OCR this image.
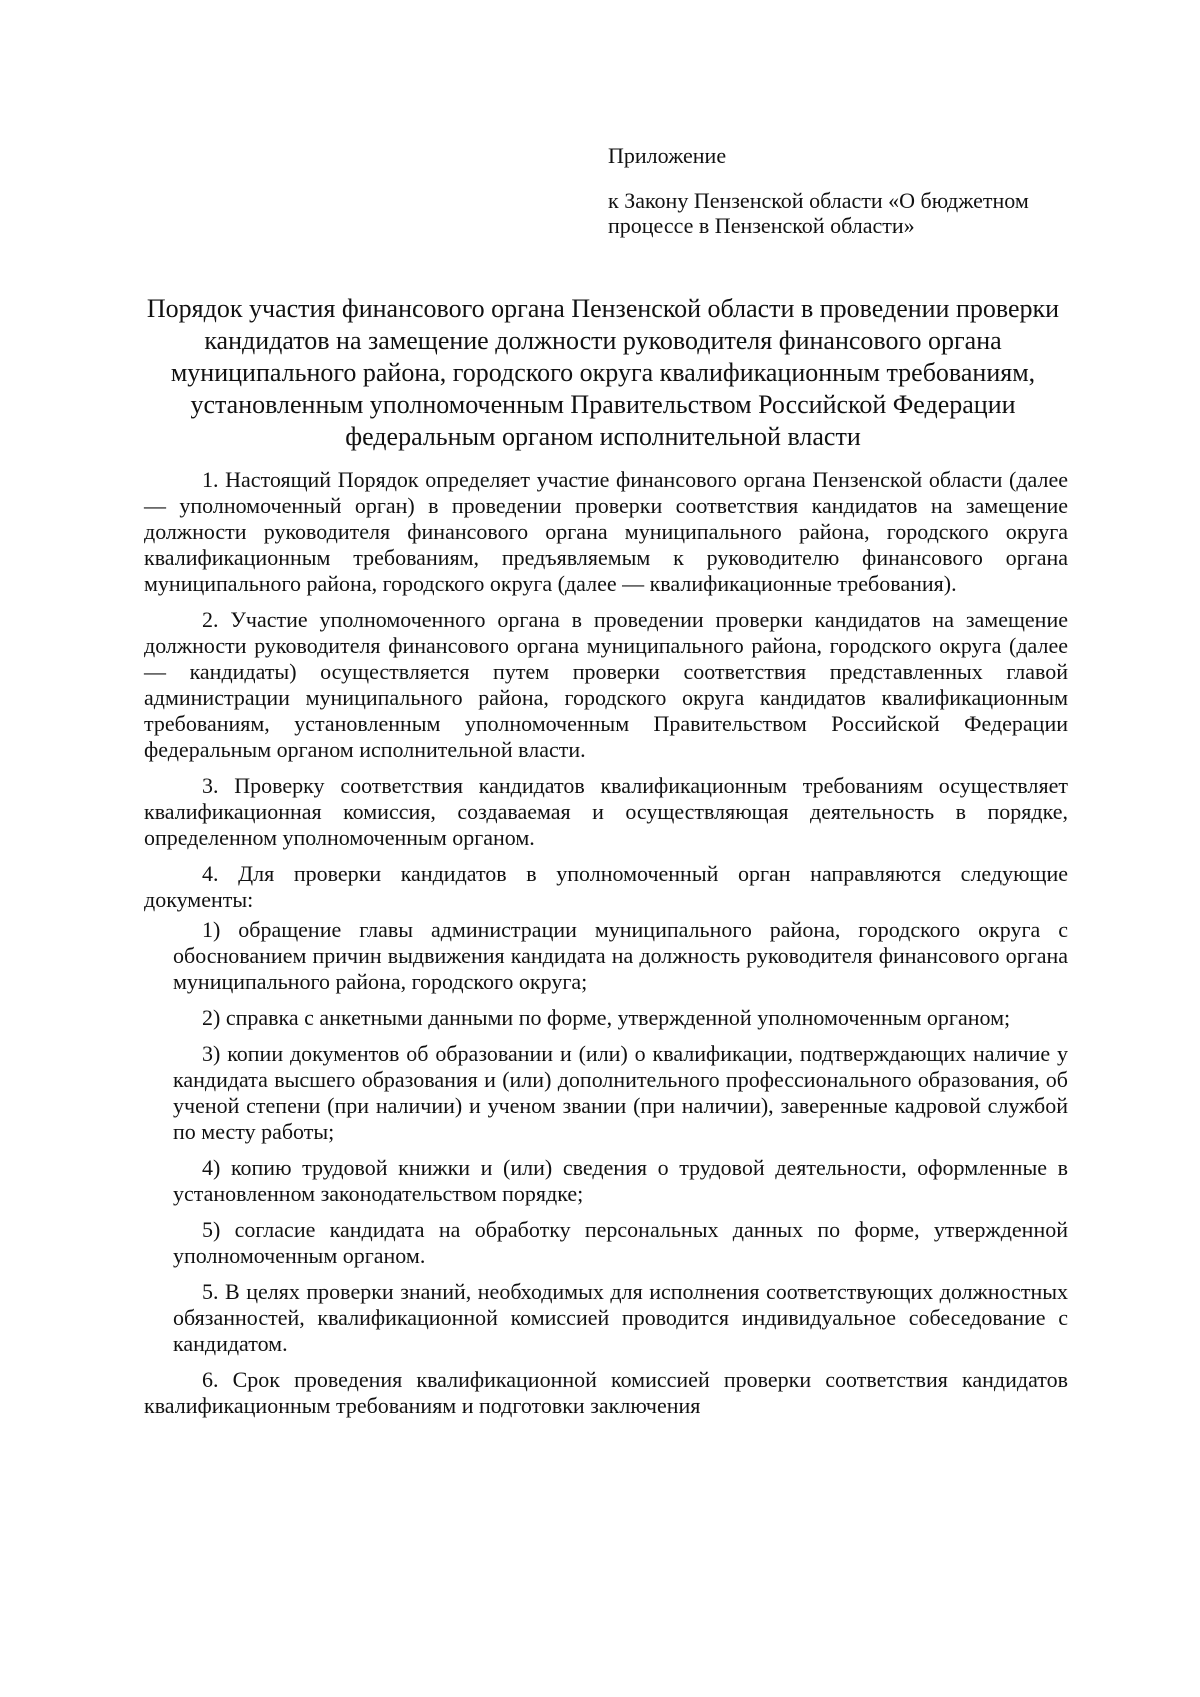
Приложение
к Закону Пензенской области «О бюджетном процессе в Пензенской области»
Порядок участия финансового органа Пензенской области в проведении проверки кандидатов на замещение должности руководителя финансового органа муниципального района, городского округа квалификационным требованиям, установленным уполномоченным Правительством Российской Федерации федеральным органом исполнительной власти

1. Настоящий Порядок определяет участие финансового органа Пензенской области (далее — уполномоченный орган) в проведении проверки соответствия кандидатов на замещение должности руководителя финансового органа муниципального района, городского округа квалификационным требованиям, предъявляемым к руководителю финансового органа муниципального района, городского округа (далее — квалификационные требования).

2. Участие уполномоченного органа в проведении проверки кандидатов на замещение должности руководителя финансового органа муниципального района, городского округа (далее — кандидаты) осуществляется путем проверки соответствия представленных главой администрации муниципального района, городского округа кандидатов квалификационным требованиям, установленным уполномоченным Правительством Российской Федерации федеральным органом исполнительной власти.

3. Проверку соответствия кандидатов квалификационным требованиям осуществляет квалификационная комиссия, создаваемая и осуществляющая деятельность в порядке, определенном уполномоченным органом.

4. Для проверки кандидатов в уполномоченный орган направляются следующие документы:

1) обращение главы администрации муниципального района, городского округа с обоснованием причин выдвижения кандидата на должность руководителя финансового органа муниципального района, городского округа;

2) справка с анкетными данными по форме, утвержденной уполномоченным органом;

3) копии документов об образовании и (или) о квалификации, подтверждающих наличие у кандидата высшего образования и (или) дополнительного профессионального образования, об ученой степени (при наличии) и ученом звании (при наличии), заверенные кадровой службой по месту работы;

4) копию трудовой книжки и (или) сведения о трудовой деятельности, оформленные в установленном законодательством порядке;

5) согласие кандидата на обработку персональных данных по форме, утвержденной уполномоченным органом.

5. В целях проверки знаний, необходимых для исполнения соответствующих должностных обязанностей, квалификационной комиссией проводится индивидуальное собеседование с кандидатом.

6. Срок проведения квалификационной комиссией проверки соответствия кандидатов квалификационным требованиям и подготовки заключения
